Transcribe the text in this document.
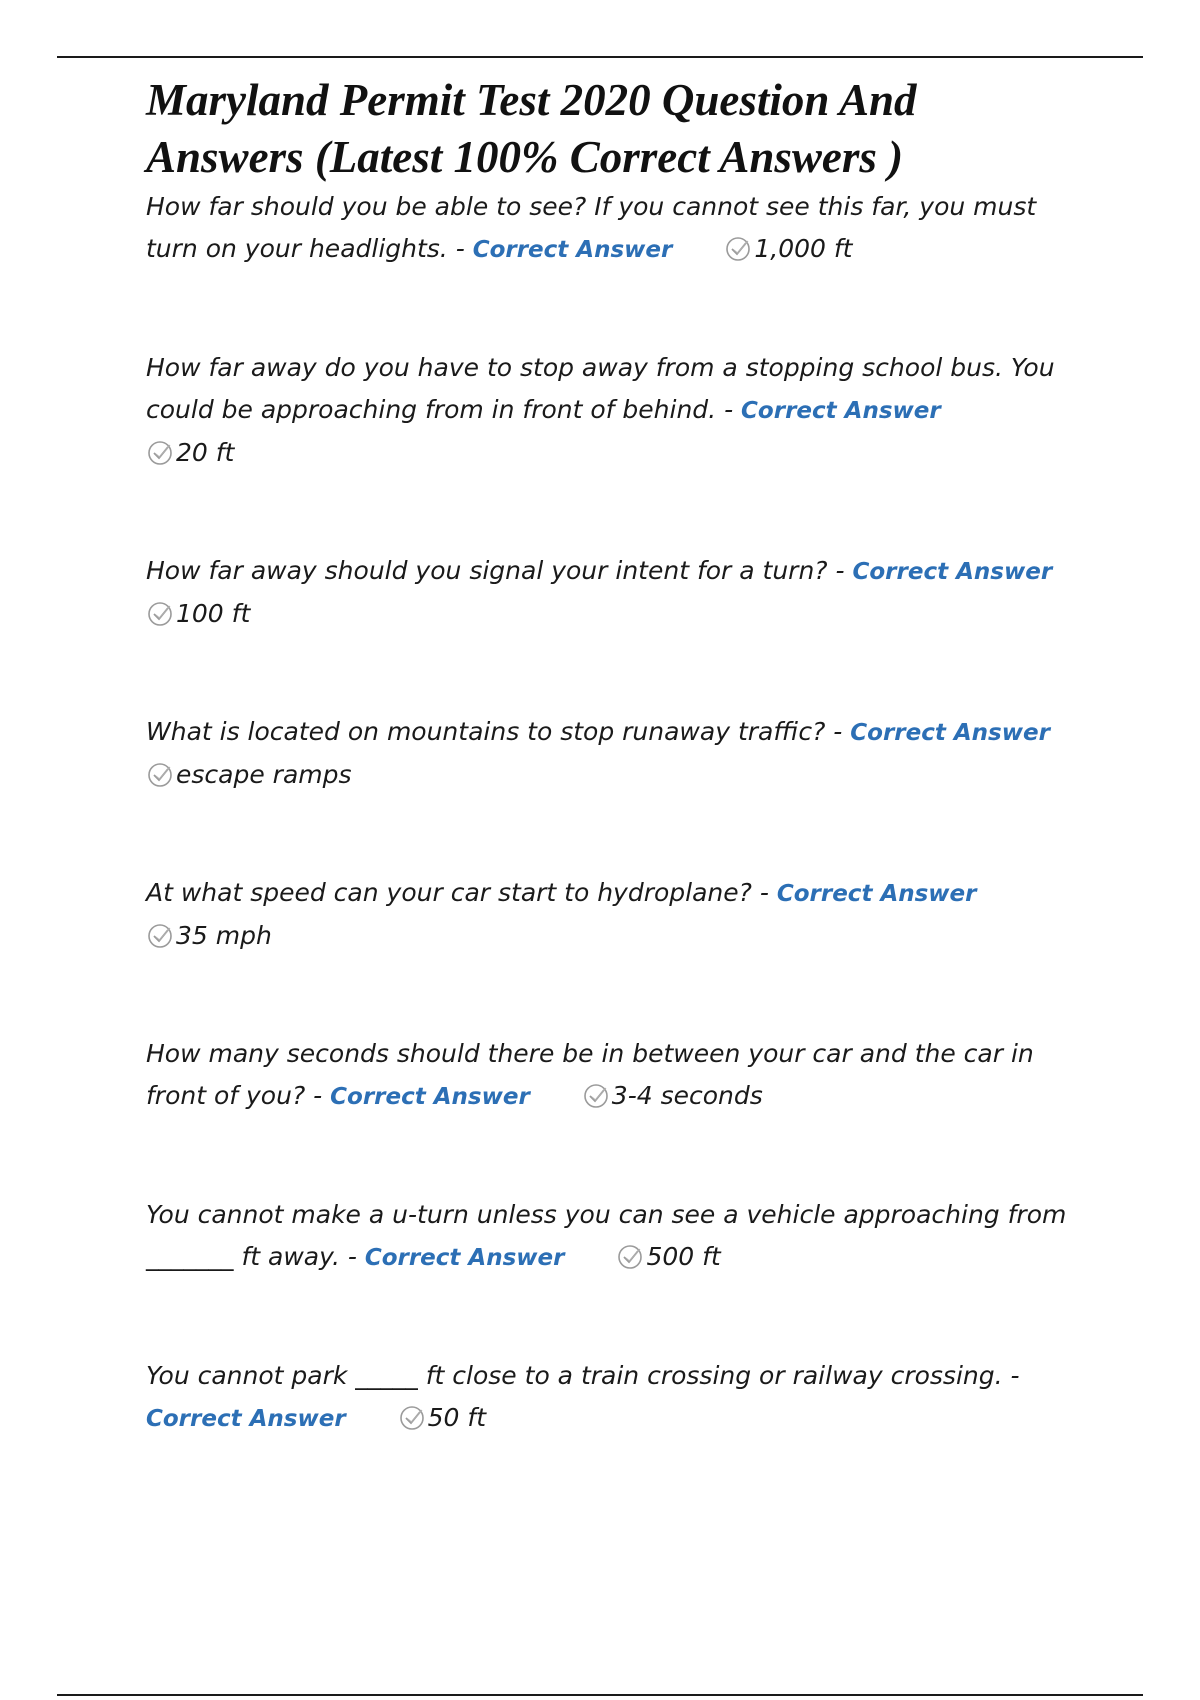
Maryland Permit Test 2020 Question And Answers (Latest 100% Correct Answers )
How far should you be able to see? If you cannot see this far, you must turn on your headlights. - Correct Answer	1,000 ft
How far away do you have to stop away from a stopping school bus. You could be approaching from in front of behind. - Correct Answer

20 ft
How far away should you signal your intent for a turn? - Correct Answer

100 ft
What is located on mountains to stop runaway traffic? - Correct Answer

escape ramps
At what speed can your car start to hydroplane? - Correct Answer

35 mph
How many seconds should there be in between your car and the car in front of you? - Correct Answer	3-4 seconds
You cannot make a u-turn unless you can see a vehicle approaching from _______ ft away. - Correct Answer	500 ft
You cannot park _____ ft close to a train crossing or railway crossing. -
Correct Answer	50 ft
